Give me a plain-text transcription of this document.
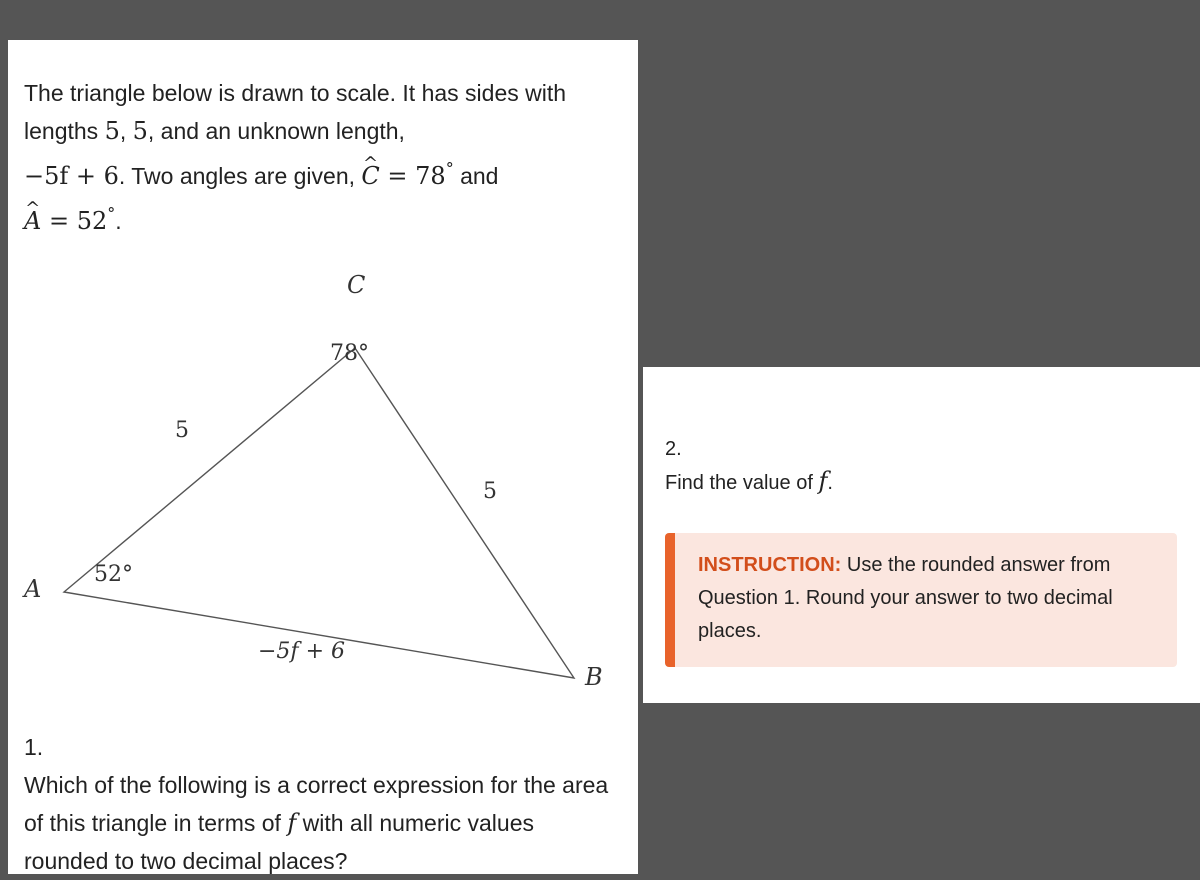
The triangle below is drawn to scale. It has sides with lengths 5, 5, and an unknown length,
−5f + 6. Two angles are given, ^ C = 78° and
^ A = 52°.

C
A
B
78°
52°
5
5
−5f + 6

1.
Which of the following is a correct expression for the area of this triangle in terms of f with all numeric values rounded to two decimal places?

2.
Find the value of f.
INSTRUCTION: Use the rounded answer from Question 1. Round your answer to two decimal places.
